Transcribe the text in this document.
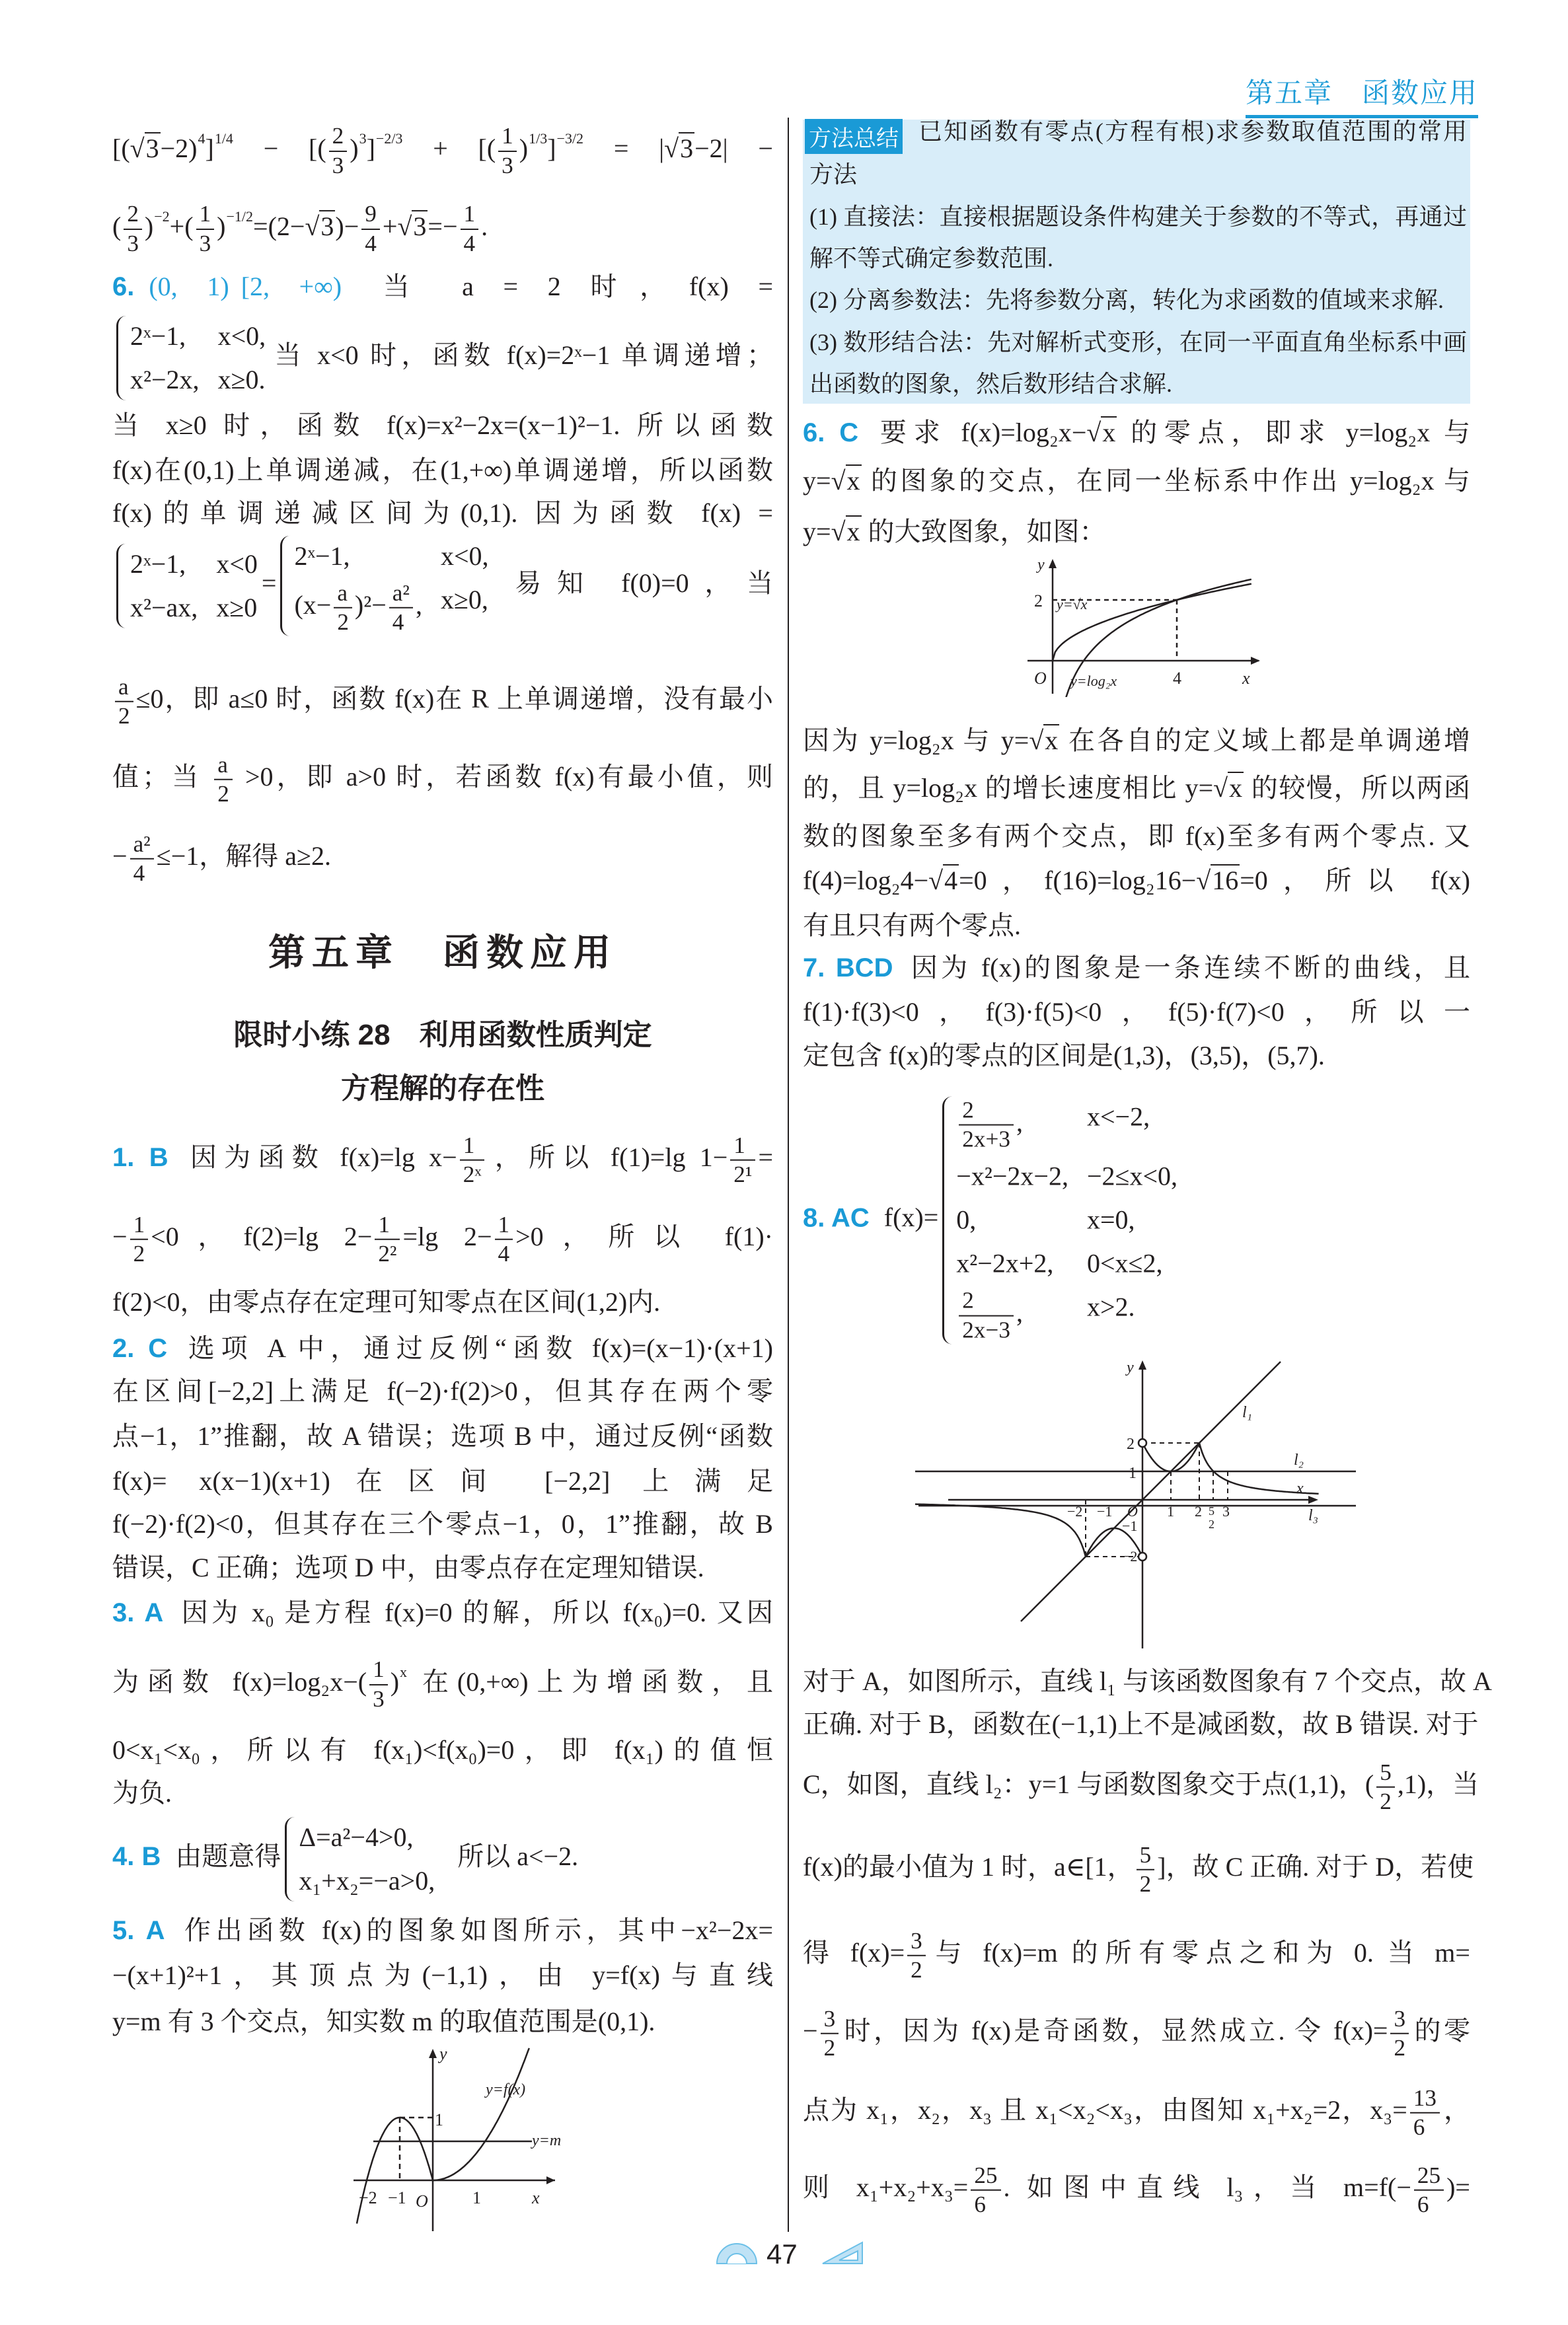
第五章　函数应用
方法总结
第五章　函数应用
限时小练 28　利用函数性质判定
方程解的存在性
$[(√3-2)^4]^{1/4}$ − [( $\frac{2}{3} )^3]^{-2/3}$ + [( $\frac{1}{3} )^{1/3}]^{-3/2} = |√3-2|$ −
( $\frac{2}{3} )^{-2}+( \frac{1}{3} )^{-1/2}=(2-√3)- \frac{9}{4} +√3=- \frac{1}{4}$ .
6. (0, 1) [2, +∞) 当 a = 2 时，f(x) =
2ˣ−1,	x<0,
x²−2x, x≥0.
当 x<0 时，函数 f(x)=2ˣ−1 单调递增；
当 x≥0 时，函数 f(x)=x²−2x=(x−1)²−1. 所以函数
f(x)在(0,1)上单调递减，在(1,+∞)单调递增，所以函数
f(x)的单调递减区间为(0,1). 因为函数 f(x) =
2ˣ−1,	x<0
x²−ax, x≥0
=
2ˣ−1,	x<0,
$(x- \frac{a}{2} )^2- \frac{\text{a²}}{4}$ , x≥0,
易知 f(0)=0，当
$\frac{a}{2} \le 0$，即 a≤0 时，函数 f(x)在 R 上单调递增，没有最小
值；当 $\frac{a}{2} >0$，即 a>0 时，若函数 f(x)有最小值，则
− $\frac{\text{a²}}{4} \le-1$，解得 a≥2.
1. B 因为函数 f(x)=lg $x- \frac{1}{\text{2ˣ}}$ ，所以 f(1)=lg $1- \frac{1}{\text{2¹}}$ =
− $\frac{1}{2} <0$，f(2)=lg $2- \frac{1}{\text{2²}} =\lg$ $2- \frac{1}{4} >0$，所以 f(1)·
f(2)<0，由零点存在定理可知零点在区间(1,2)内.
2. C 选项 A 中，通过反例“函数 f(x)=(x−1)·(x+1)
在区间[−2,2]上满足 f(−2)·f(2)>0，但其存在两个零
点−1，1”推翻，故 A 错误；选项 B 中，通过反例“函数
f(x)= x(x−1)(x+1)在区间 [−2,2] 上满足
f(−2)·f(2)<0，但其存在三个零点−1，0，1”推翻，故 B
错误，C 正确；选项 D 中，由零点存在定理知错误.
3. A 因为 x₀ 是方程 f(x)=0 的解，所以 f(x₀)=0. 又因
为函数 $f(x)=\log_2x-( \frac{1}{3} )^x$ 在(0,+∞)上为增函数，且
0<x₁<x₀，所以有 f(x₁)<f(x₀)=0，即 f(x₁)的值恒
为负.
4. B 由题意得
Δ=a²−4>0,
x₁+x₂=−a>0,
所以 a<−2.
5. A 作出函数 f(x)的图象如图所示，其中−x²−2x=
−(x+1)²+1，其顶点为(−1,1)，由 y=f(x)与直线
y=m 有 3 个交点，知实数 m 的取值范围是(0,1).
已知函数有零点(方程有根)求参数取值范围的常用
方法
(1) 直接法：直接根据题设条件构建关于参数的不等式，再通过
解不等式确定参数范围.
(2) 分离参数法：先将参数分离，转化为求函数的值域来求解.
(3) 数形结合法：先对解析式变形，在同一平面直角坐标系中画
出函数的图象，然后数形结合求解.
6. C 要求 f(x)=log₂x−√x 的零点，即求 y=log₂x 与
y=√x 的图象的交点，在同一坐标系中作出 y=log₂x 与
y=√x 的大致图象，如图：
因为 y=log₂x 与 y=√x 在各自的定义域上都是单调递增
的，且 y=log₂x 的增长速度相比 y=√x 的较慢，所以两函
数的图象至多有两个交点，即 f(x)至多有两个零点. 又
f(4)=log₂4−√4=0，f(16)=log₂16−√16=0，所以 f(x)
有且只有两个零点.
7. BCD 因为 f(x)的图象是一条连续不断的曲线，且
f(1)·f(3)<0，f(3)·f(5)<0，f(5)·f(7)<0，所以一
定包含 f(x)的零点的区间是(1,3)，(3,5)，(5,7).
8. AC f(x)=
$\frac{2}{2x+3}$ ,	x<−2,
−x²−2x−2, −2≤x<0,
0,	x=0,
x²−2x+2,	0<x≤2,
$\frac{2}{2x-3}$ ,	x>2.
对于 A，如图所示，直线 l₁ 与该函数图象有 7 个交点，故 A
正确. 对于 B，函数在(−1,1)上不是减函数，故 B 错误. 对于
C，如图，直线 l₂：y=1 与函数图象交于点(1,1)，( $\frac{5}{2} ,1$)，当
f(x)的最小值为 1 时，a∈[1， $\frac{5}{2}$ ]，故 C 正确. 对于 D，若使
得 $f(x)= \frac{3}{2}$ 与 f(x)=m 的所有零点之和为 0. 当 m=
− $\frac{3}{2}$ 时，因为 f(x)是奇函数，显然成立. 令 $f(x)= \frac{3}{2}$ 的零
点为 x₁，x₂，x₃ 且 x₁<x₂<x₃，由图知 x₁+x₂=2，$x_3= \frac{13}{6}$ ，
则 $x_1+x_2+x_3= \frac{25}{6}$ . 如图中直线 l₃，当 $m=f(- \frac{25}{6}$ )=
y
y=f(x)
1
y=m
−2 −1 O	1	x
y
2 y=√x
O y=log₂x	4	x
y
l₁
2
1
l₂
x
−2 −1 O 1 2 5
2
3
−1
−2
l₃
47
